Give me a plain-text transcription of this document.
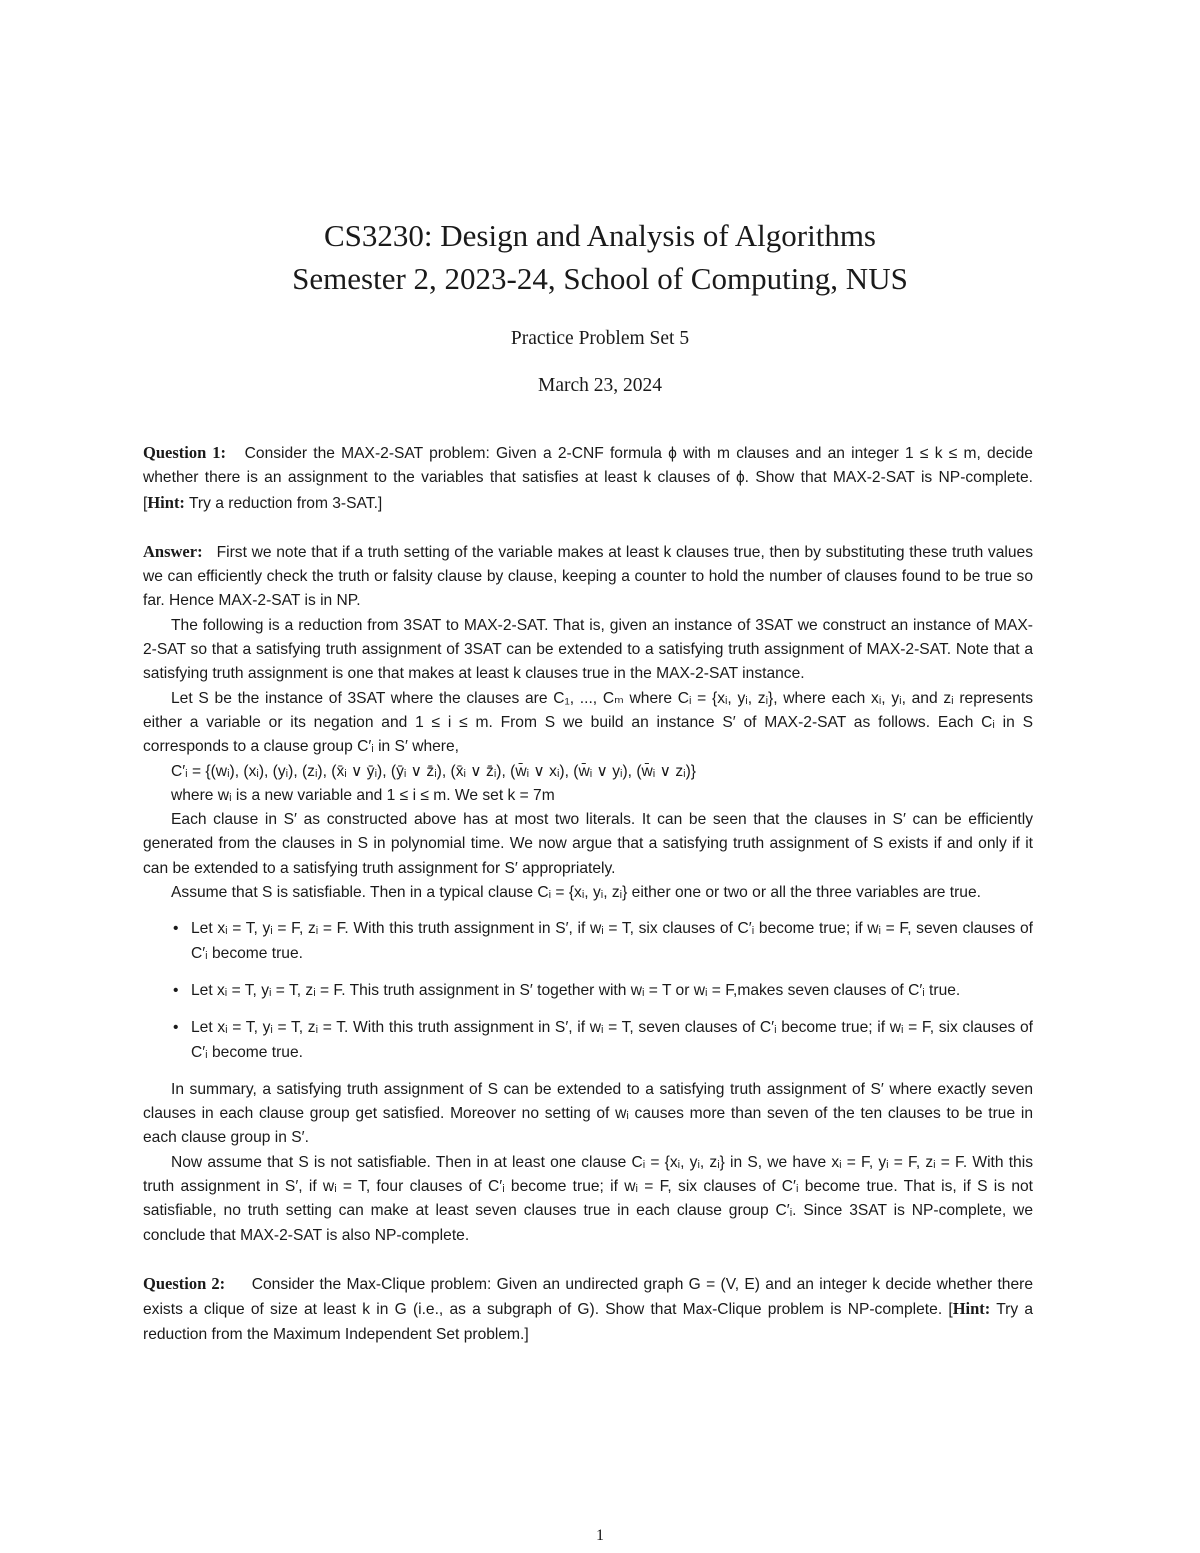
CS3230: Design and Analysis of Algorithms
Semester 2, 2023-24, School of Computing, NUS
Practice Problem Set 5
March 23, 2024

Question 1: Consider the MAX-2-SAT problem: Given a 2-CNF formula ϕ with m clauses and an integer 1 ≤ k ≤ m, decide whether there is an assignment to the variables that satisfies at least k clauses of ϕ. Show that MAX-2-SAT is NP-complete. [Hint: Try a reduction from 3-SAT.]

Answer: First we note that if a truth setting of the variable makes at least k clauses true, then by substituting these truth values we can efficiently check the truth or falsity clause by clause, keeping a counter to hold the number of clauses found to be true so far. Hence MAX-2-SAT is in NP.

The following is a reduction from 3SAT to MAX-2-SAT. That is, given an instance of 3SAT we construct an instance of MAX-2-SAT so that a satisfying truth assignment of 3SAT can be extended to a satisfying truth assignment of MAX-2-SAT. Note that a satisfying truth assignment is one that makes at least k clauses true in the MAX-2-SAT instance.

Let S be the instance of 3SAT where the clauses are C₁, ..., Cₘ where Cᵢ = {xᵢ, yᵢ, zᵢ}, where each xᵢ, yᵢ, and zᵢ represents either a variable or its negation and 1 ≤ i ≤ m. From S we build an instance S′ of MAX-2-SAT as follows. Each Cᵢ in S corresponds to a clause group C′ᵢ in S′ where,

C′ᵢ = {(wᵢ), (xᵢ), (yᵢ), (zᵢ), (x̄ᵢ ∨ ȳᵢ), (ȳᵢ ∨ z̄ᵢ), (x̄ᵢ ∨ z̄ᵢ), (w̄ᵢ ∨ xᵢ), (w̄ᵢ ∨ yᵢ), (w̄ᵢ ∨ zᵢ)}

where wᵢ is a new variable and 1 ≤ i ≤ m. We set k = 7m

Each clause in S′ as constructed above has at most two literals. It can be seen that the clauses in S′ can be efficiently generated from the clauses in S in polynomial time. We now argue that a satisfying truth assignment of S exists if and only if it can be extended to a satisfying truth assignment for S′ appropriately.

Assume that S is satisfiable. Then in a typical clause Cᵢ = {xᵢ, yᵢ, zᵢ} either one or two or all the three variables are true.

• Let xᵢ = T, yᵢ = F, zᵢ = F. With this truth assignment in S′, if wᵢ = T, six clauses of C′ᵢ become true; if wᵢ = F, seven clauses of C′ᵢ become true.
• Let xᵢ = T, yᵢ = T, zᵢ = F. This truth assignment in S′ together with wᵢ = T or wᵢ = F,makes seven clauses of C′ᵢ true.
• Let xᵢ = T, yᵢ = T, zᵢ = T. With this truth assignment in S′, if wᵢ = T, seven clauses of C′ᵢ become true; if wᵢ = F, six clauses of C′ᵢ become true.

In summary, a satisfying truth assignment of S can be extended to a satisfying truth assignment of S′ where exactly seven clauses in each clause group get satisfied. Moreover no setting of wᵢ causes more than seven of the ten clauses to be true in each clause group in S′.

Now assume that S is not satisfiable. Then in at least one clause Cᵢ = {xᵢ, yᵢ, zᵢ} in S, we have xᵢ = F, yᵢ = F, zᵢ = F. With this truth assignment in S′, if wᵢ = T, four clauses of C′ᵢ become true; if wᵢ = F, six clauses of C′ᵢ become true. That is, if S is not satisfiable, no truth setting can make at least seven clauses true in each clause group C′ᵢ. Since 3SAT is NP-complete, we conclude that MAX-2-SAT is also NP-complete.

Question 2: Consider the Max-Clique problem: Given an undirected graph G = (V, E) and an integer k decide whether there exists a clique of size at least k in G (i.e., as a subgraph of G). Show that Max-Clique problem is NP-complete. [Hint: Try a reduction from the Maximum Independent Set problem.]

1
